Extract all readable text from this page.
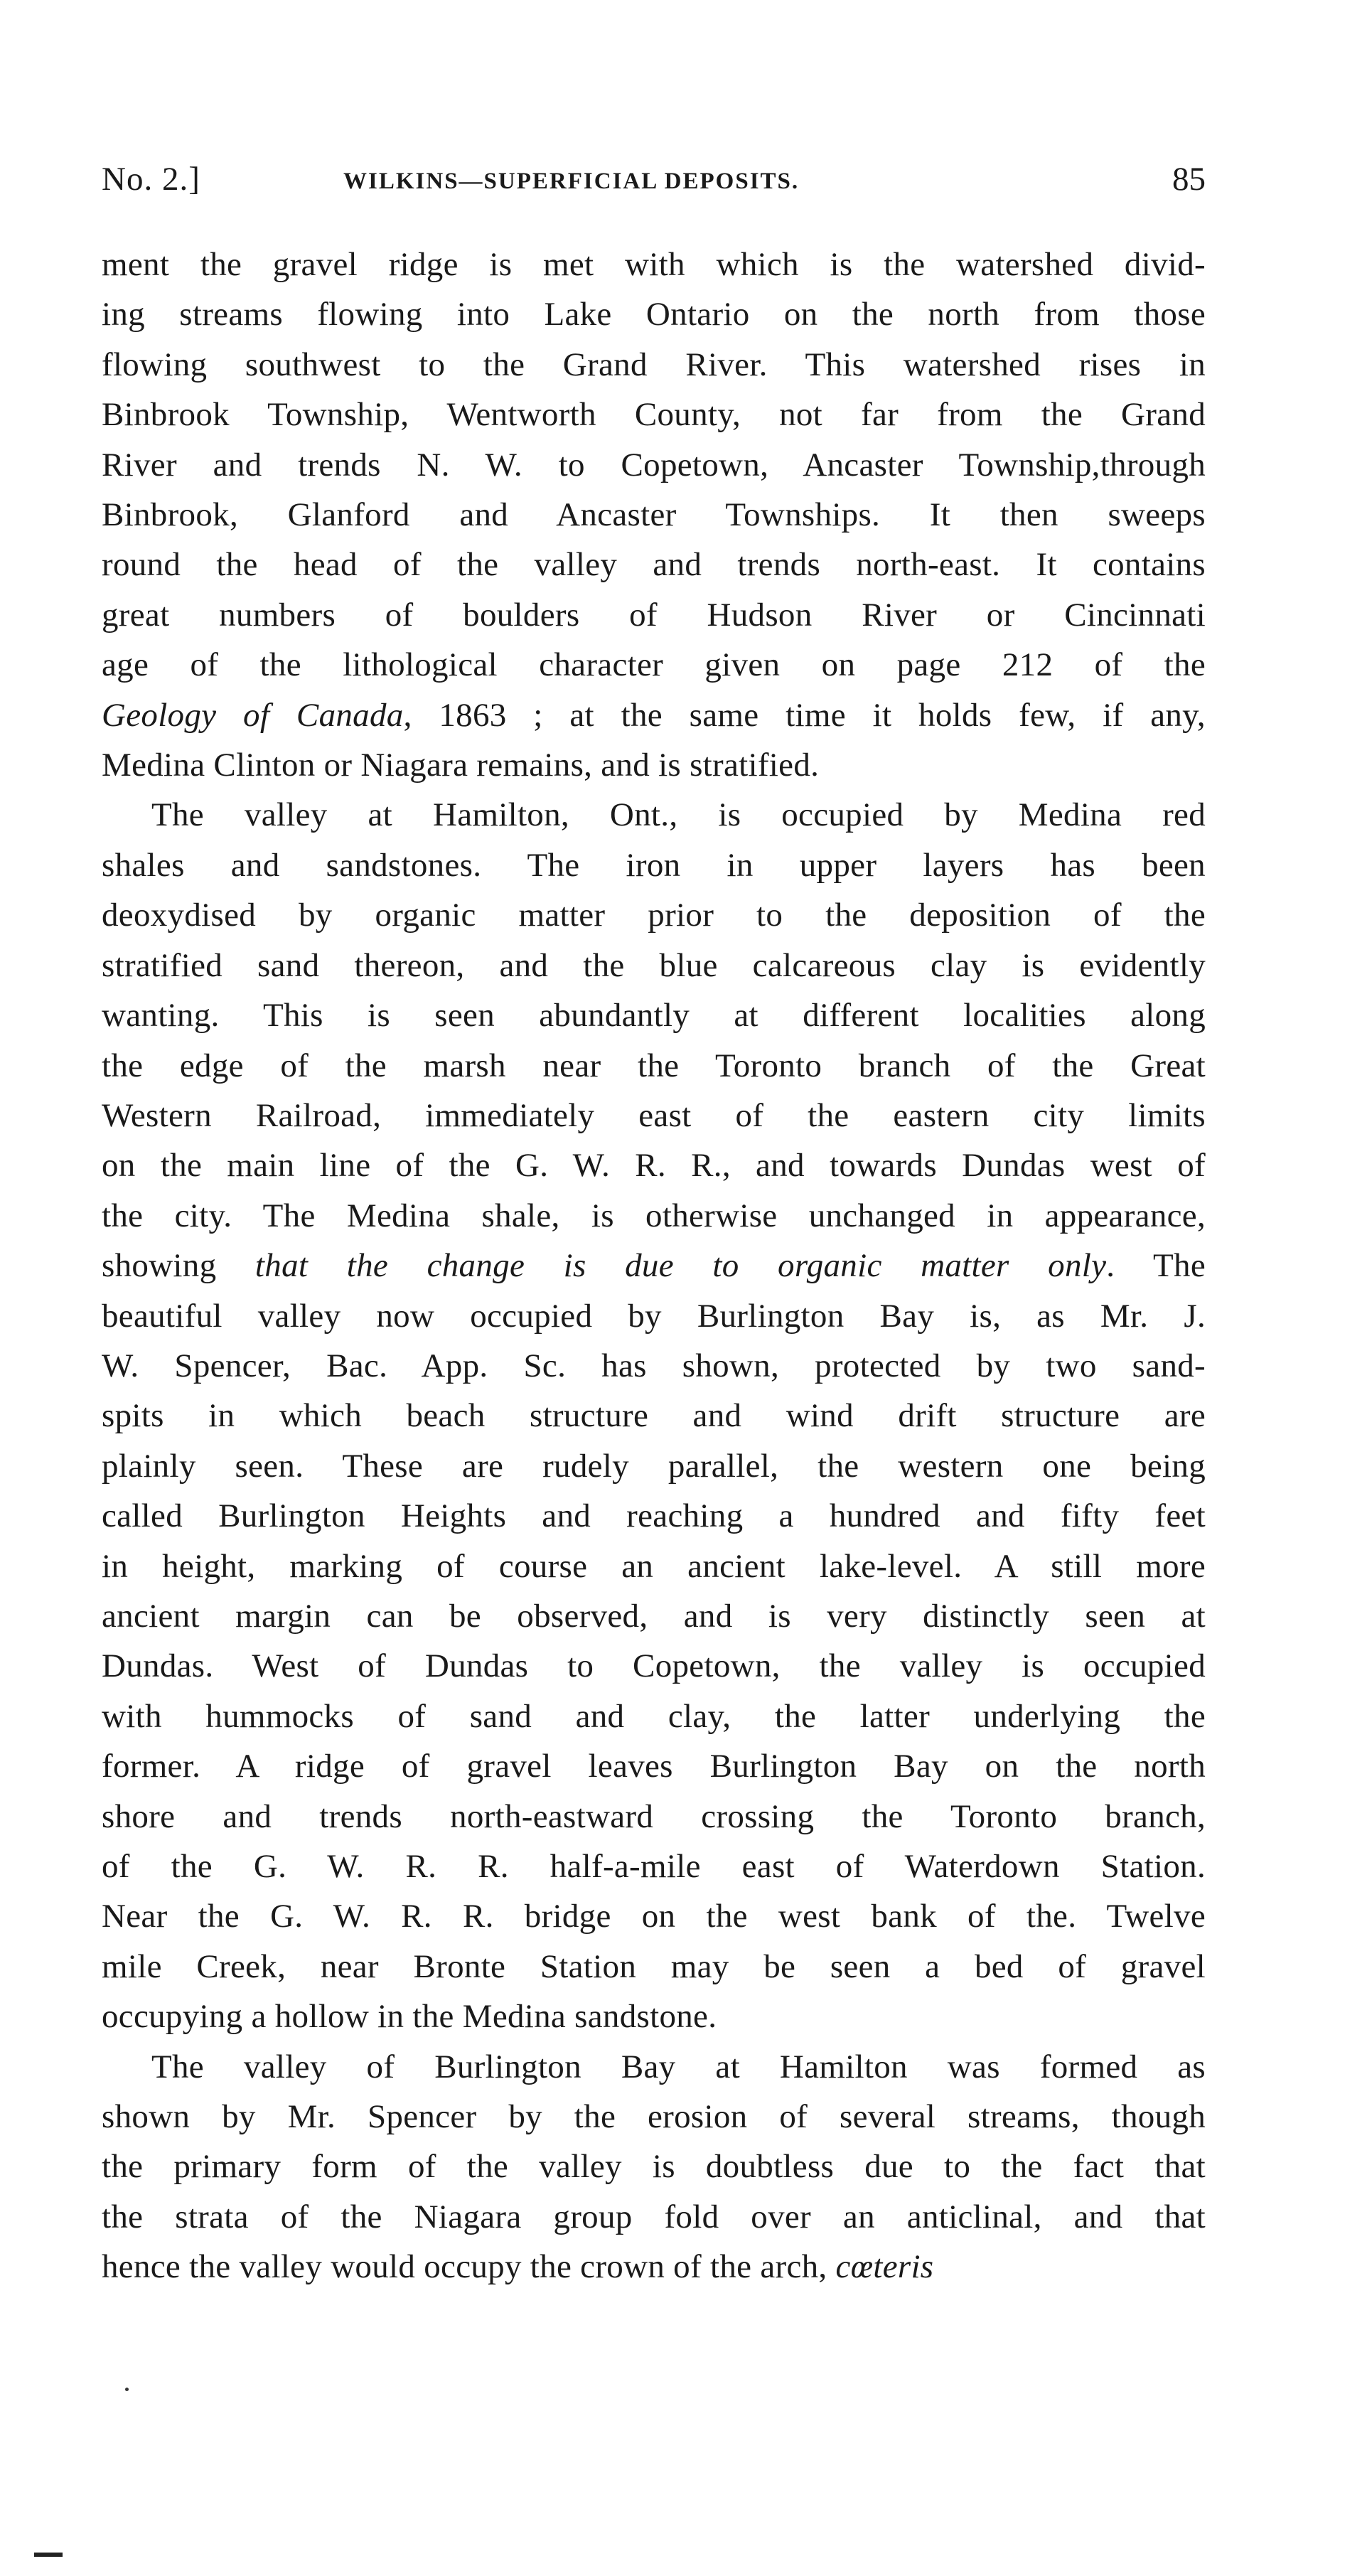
No. 2.]	WILKINS—SUPERFICIAL DEPOSITS.	85

ment the gravel ridge is met with which is the watershed divid-
ing streams flowing into Lake Ontario on the north from those
flowing southwest to the Grand River. This watershed rises in
Binbrook Township, Wentworth County, not far from the Grand
River and trends N. W. to Copetown, Ancaster Township,through
Binbrook, Glanford and Ancaster Townships. It then sweeps
round the head of the valley and trends north-east. It contains
great numbers of boulders of Hudson River or Cincinnati
age of the lithological character given on page 212 of the
Geology of Canada, 1863 ; at the same time it holds few, if any,
Medina Clinton or Niagara remains, and is stratified.

The valley at Hamilton, Ont., is occupied by Medina red
shales and sandstones. The iron in upper layers has been
deoxydised by organic matter prior to the deposition of the
stratified sand thereon, and the blue calcareous clay is evidently
wanting. This is seen abundantly at different localities along
the edge of the marsh near the Toronto branch of the Great
Western Railroad, immediately east of the eastern city limits
on the main line of the G. W. R. R., and towards Dundas west of
the city. The Medina shale, is otherwise unchanged in appearance,
showing that the change is due to organic matter only. The
beautiful valley now occupied by Burlington Bay is, as Mr. J.
W. Spencer, Bac. App. Sc. has shown, protected by two sand-
spits in which beach structure and wind drift structure are
plainly seen. These are rudely parallel, the western one being
called Burlington Heights and reaching a hundred and fifty feet
in height, marking of course an ancient lake-level. A still more
ancient margin can be observed, and is very distinctly seen at
Dundas. West of Dundas to Copetown, the valley is occupied
with hummocks of sand and clay, the latter underlying the
former. A ridge of gravel leaves Burlington Bay on the north
shore and trends north-eastward crossing the Toronto branch,
of the G. W. R. R. half-a-mile east of Waterdown Station.
Near the G. W. R. R. bridge on the west bank of the. Twelve
mile Creek, near Bronte Station may be seen a bed of gravel
occupying a hollow in the Medina sandstone.

The valley of Burlington Bay at Hamilton was formed as
shown by Mr. Spencer by the erosion of several streams, though
the primary form of the valley is doubtless due to the fact that
the strata of the Niagara group fold over an anticlinal, and that
hence the valley would occupy the crown of the arch, cœteris
